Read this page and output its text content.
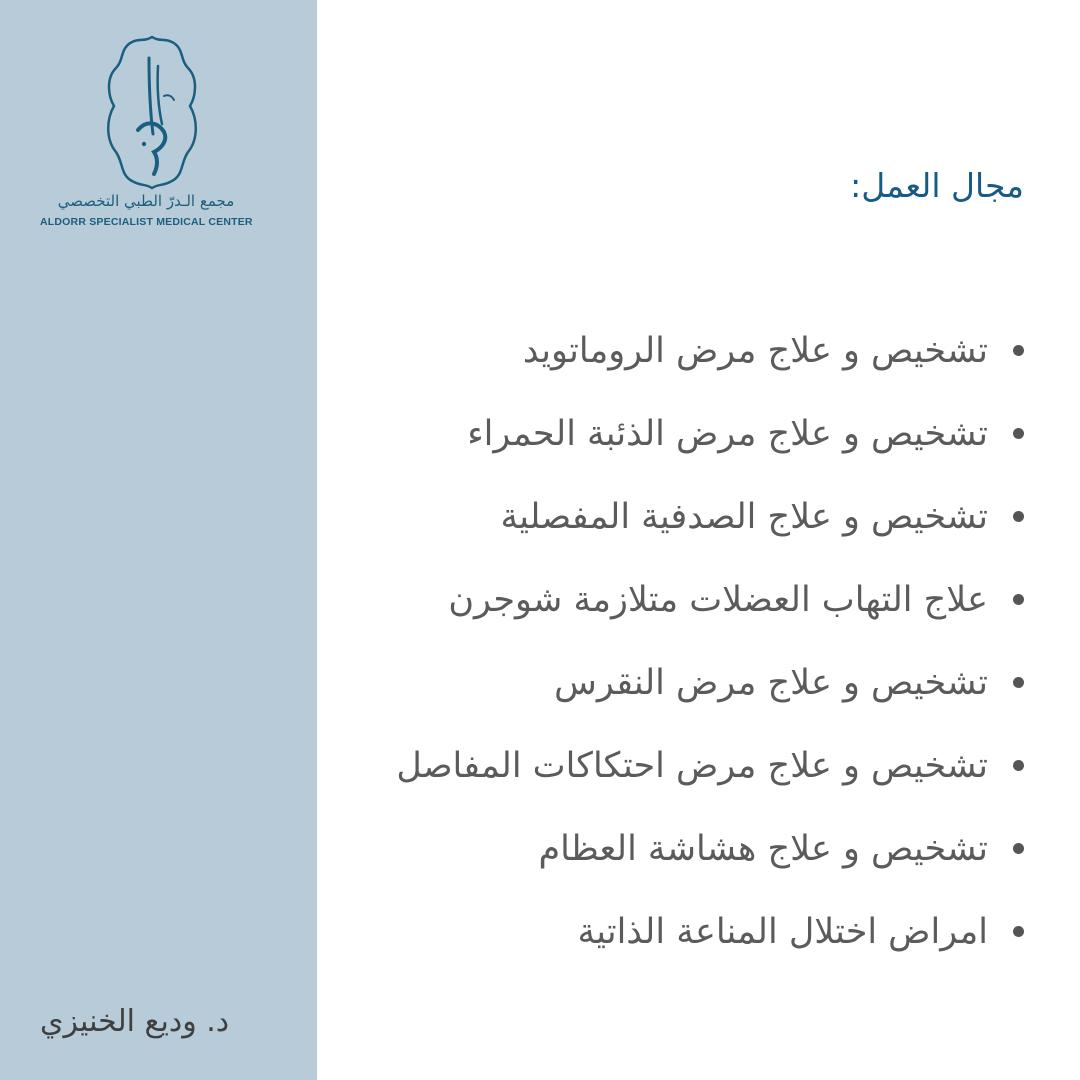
مجمع الـدرّ الطبي التخصصي
ALDORR SPECIALIST MEDICAL CENTER
مجال العمل:
تشخيص و علاج مرض الروماتويد
تشخيص و علاج مرض الذئبة الحمراء
تشخيص و علاج الصدفية المفصلية
علاج التهاب العضلات متلازمة شوجرن
تشخيص و علاج مرض النقرس
تشخيص و علاج مرض احتكاكات المفاصل
تشخيص و علاج هشاشة العظام
امراض اختلال المناعة الذاتية
د. وديع الخنيزي
